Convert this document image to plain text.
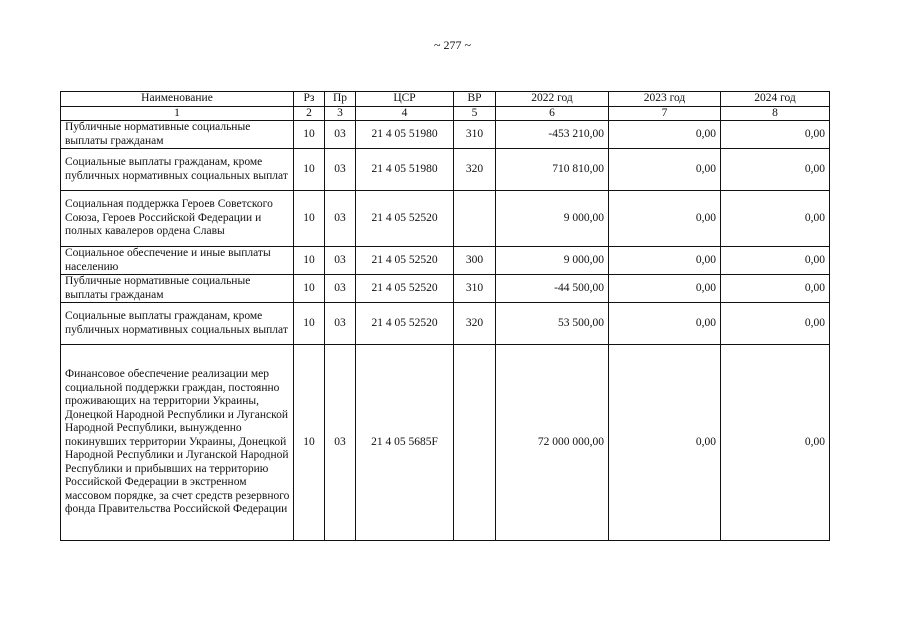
~ 277 ~
Наименование	Рз	Пр	ЦСР	ВР	2022 год	2023 год	2024 год
1	2	3	4	5	6	7	8
Публичные нормативные социальные выплаты гражданам	10	03	21 4 05 51980	310	-453 210,00	0,00	0,00
Социальные выплаты гражданам, кроме публичных нормативных социальных выплат	10	03	21 4 05 51980	320	710 810,00	0,00	0,00
Социальная поддержка Героев Советского Союза, Героев Российской Федерации и полных кавалеров ордена Славы	10	03	21 4 05 52520		9 000,00	0,00	0,00
Социальное обеспечение и иные выплаты населению	10	03	21 4 05 52520	300	9 000,00	0,00	0,00
Публичные нормативные социальные выплаты гражданам	10	03	21 4 05 52520	310	-44 500,00	0,00	0,00
Социальные выплаты гражданам, кроме публичных нормативных социальных выплат	10	03	21 4 05 52520	320	53 500,00	0,00	0,00
Финансовое обеспечение реализации мер социальной поддержки граждан, постоянно проживающих на территории Украины, Донецкой Народной Республики и Луганской Народной Республики, вынужденно покинувших территории Украины, Донецкой Народной Республики и Луганской Народной Республики и прибывших на территорию Российской Федерации в экстренном массовом порядке, за счет средств резервного фонда Правительства Российской Федерации	10	03	21 4 05 5685F		72 000 000,00	0,00	0,00
